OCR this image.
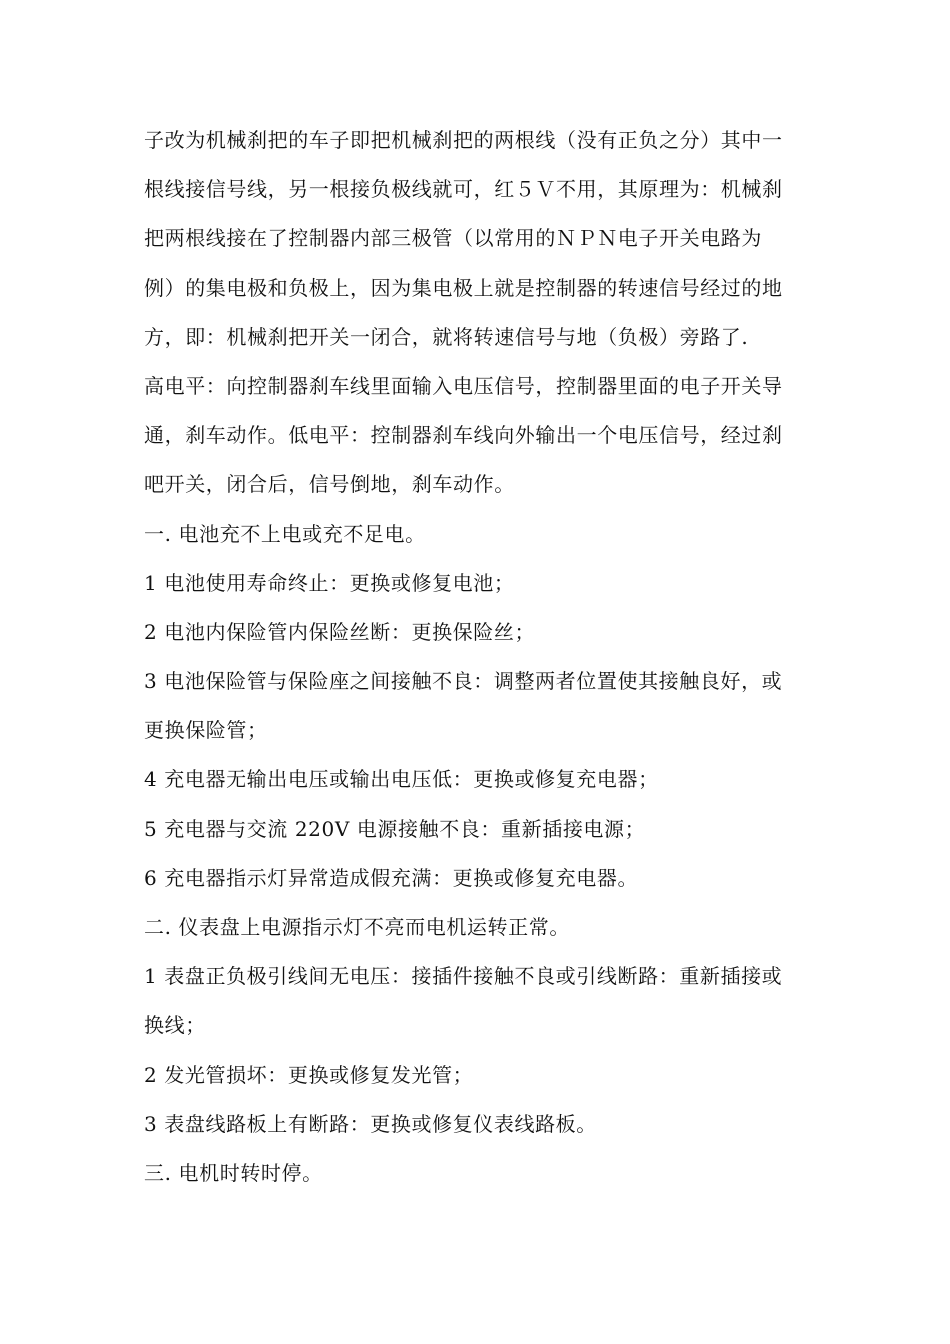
子改为机械刹把的车子即把机械刹把的两根线（没有正负之分）其中一
根线接信号线，另一根接负极线就可，红５Ｖ不用，其原理为：机械刹
把两根线接在了控制器内部三极管（以常用的ＮＰＮ电子开关电路为
例）的集电极和负极上，因为集电极上就是控制器的转速信号经过的地
方，即：机械刹把开关一闭合，就将转速信号与地（负极）旁路了.
高电平：向控制器刹车线里面输入电压信号，控制器里面的电子开关导
通，刹车动作。低电平：控制器刹车线向外输出一个电压信号，经过刹
吧开关，闭合后，信号倒地，刹车动作。
一. 电池充不上电或充不足电。
1 电池使用寿命终止：更换或修复电池；
2 电池内保险管内保险丝断：更换保险丝；
3 电池保险管与保险座之间接触不良：调整两者位置使其接触良好，或
更换保险管；
4 充电器无输出电压或输出电压低：更换或修复充电器；
5 充电器与交流 220V 电源接触不良：重新插接电源；
6 充电器指示灯异常造成假充满：更换或修复充电器。
二. 仪表盘上电源指示灯不亮而电机运转正常。
1 表盘正负极引线间无电压：接插件接触不良或引线断路：重新插接或
换线；
2 发光管损坏：更换或修复发光管；
3 表盘线路板上有断路：更换或修复仪表线路板。
三. 电机时转时停。
